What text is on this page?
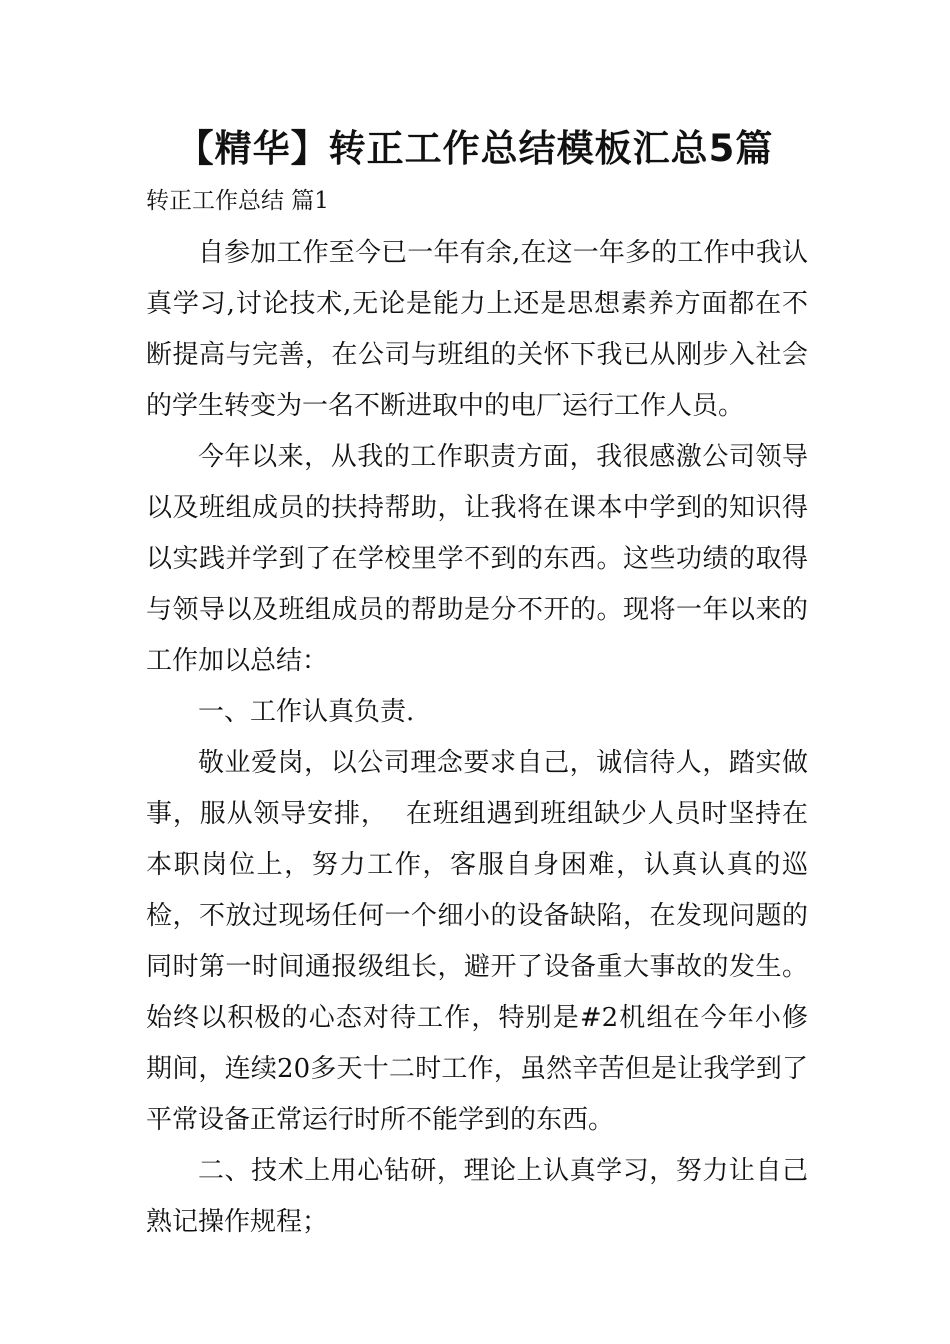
【精华】转正工作总结模板汇总5篇
转正工作总结 篇1

自参加工作至今已一年有余,在这一年多的工作中我认真学习,讨论技术,无论是能力上还是思想素养方面都在不断提高与完善，在公司与班组的关怀下我已从刚步入社会的学生转变为一名不断进取中的电厂运行工作人员。

今年以来，从我的工作职责方面，我很感激公司领导以及班组成员的扶持帮助，让我将在课本中学到的知识得以实践并学到了在学校里学不到的东西。这些功绩的取得与领导以及班组成员的帮助是分不开的。现将一年以来的工作加以总结：

一、工作认真负责.

敬业爱岗，以公司理念要求自己，诚信待人，踏实做事，服从领导安排，  在班组遇到班组缺少人员时坚持在本职岗位上，努力工作，客服自身困难，认真认真的巡检，不放过现场任何一个细小的设备缺陷，在发现问题的同时第一时间通报级组长，避开了设备重大事故的发生。始终以积极的心态对待工作，特别是#2机组在今年小修期间，连续20多天十二时工作，虽然辛苦但是让我学到了平常设备正常运行时所不能学到的东西。

二、技术上用心钻研，理论上认真学习，努力让自己熟记操作规程；
